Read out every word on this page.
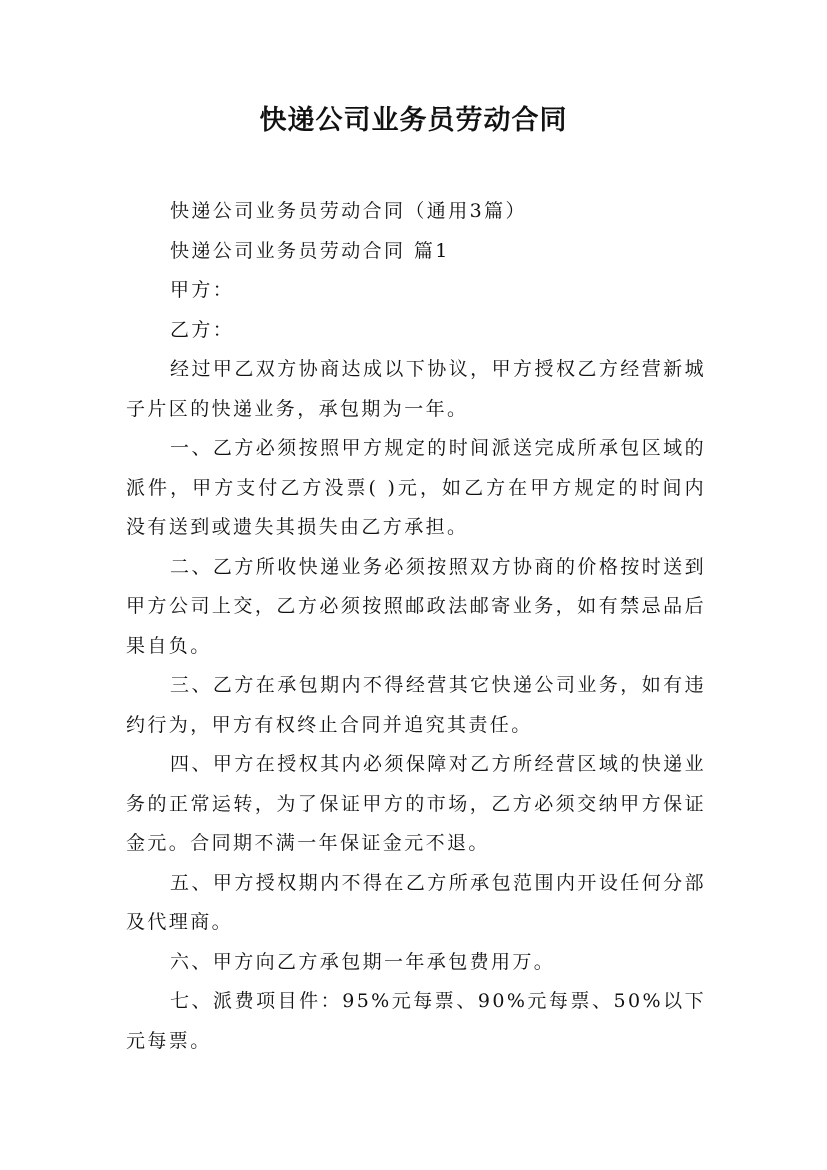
快递公司业务员劳动合同

快递公司业务员劳动合同（通用3篇）

快递公司业务员劳动合同 篇1

甲方：

乙方：

经过甲乙双方协商达成以下协议，甲方授权乙方经营新城子片区的快递业务，承包期为一年。

一、乙方必须按照甲方规定的时间派送完成所承包区域的派件，甲方支付乙方没票( )元，如乙方在甲方规定的时间内没有送到或遗失其损失由乙方承担。

二、乙方所收快递业务必须按照双方协商的价格按时送到甲方公司上交，乙方必须按照邮政法邮寄业务，如有禁忌品后果自负。

三、乙方在承包期内不得经营其它快递公司业务，如有违约行为，甲方有权终止合同并追究其责任。

四、甲方在授权其内必须保障对乙方所经营区域的快递业务的正常运转，为了保证甲方的市场，乙方必须交纳甲方保证金元。合同期不满一年保证金元不退。

五、甲方授权期内不得在乙方所承包范围内开设任何分部及代理商。

六、甲方向乙方承包期一年承包费用万。

七、派费项目件：95%元每票、90%元每票、50%以下元每票。
